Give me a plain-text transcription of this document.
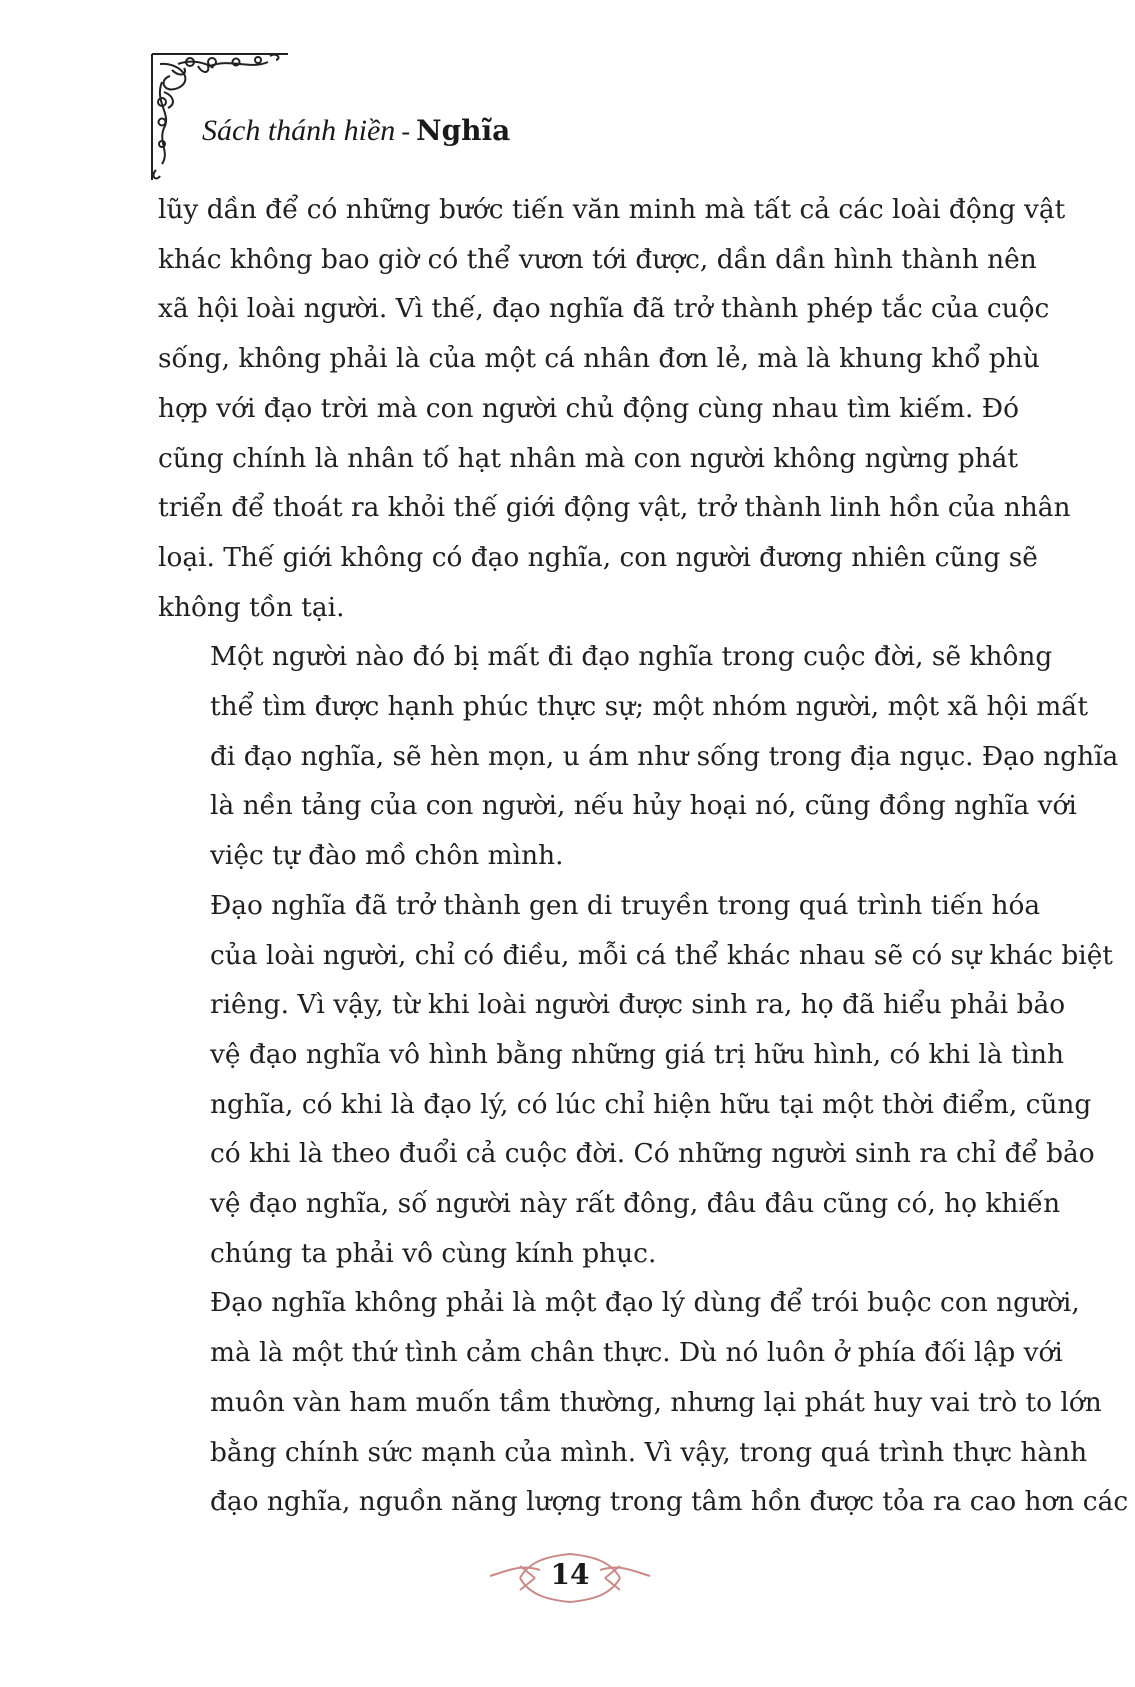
Sách thánh hiền - Nghĩa

lũy dần để có những bước tiến văn minh mà tất cả các loài động vật
khác không bao giờ có thể vươn tới được, dần dần hình thành nên
xã hội loài người. Vì thế, đạo nghĩa đã trở thành phép tắc của cuộc
sống, không phải là của một cá nhân đơn lẻ, mà là khung khổ phù
hợp với đạo trời mà con người chủ động cùng nhau tìm kiếm. Đó
cũng chính là nhân tố hạt nhân mà con người không ngừng phát
triển để thoát ra khỏi thế giới động vật, trở thành linh hồn của nhân
loại. Thế giới không có đạo nghĩa, con người đương nhiên cũng sẽ
không tồn tại.

Một người nào đó bị mất đi đạo nghĩa trong cuộc đời, sẽ không
thể tìm được hạnh phúc thực sự; một nhóm người, một xã hội mất
đi đạo nghĩa, sẽ hèn mọn, u ám như sống trong địa ngục. Đạo nghĩa
là nền tảng của con người, nếu hủy hoại nó, cũng đồng nghĩa với
việc tự đào mồ chôn mình.

Đạo nghĩa đã trở thành gen di truyền trong quá trình tiến hóa
của loài người, chỉ có điều, mỗi cá thể khác nhau sẽ có sự khác biệt
riêng. Vì vậy, từ khi loài người được sinh ra, họ đã hiểu phải bảo
vệ đạo nghĩa vô hình bằng những giá trị hữu hình, có khi là tình
nghĩa, có khi là đạo lý, có lúc chỉ hiện hữu tại một thời điểm, cũng
có khi là theo đuổi cả cuộc đời. Có những người sinh ra chỉ để bảo
vệ đạo nghĩa, số người này rất đông, đâu đâu cũng có, họ khiến
chúng ta phải vô cùng kính phục.

Đạo nghĩa không phải là một đạo lý dùng để trói buộc con người,
mà là một thứ tình cảm chân thực. Dù nó luôn ở phía đối lập với
muôn vàn ham muốn tầm thường, nhưng lại phát huy vai trò to lớn
bằng chính sức mạnh của mình. Vì vậy, trong quá trình thực hành
đạo nghĩa, nguồn năng lượng trong tâm hồn được tỏa ra cao hơn các

14
